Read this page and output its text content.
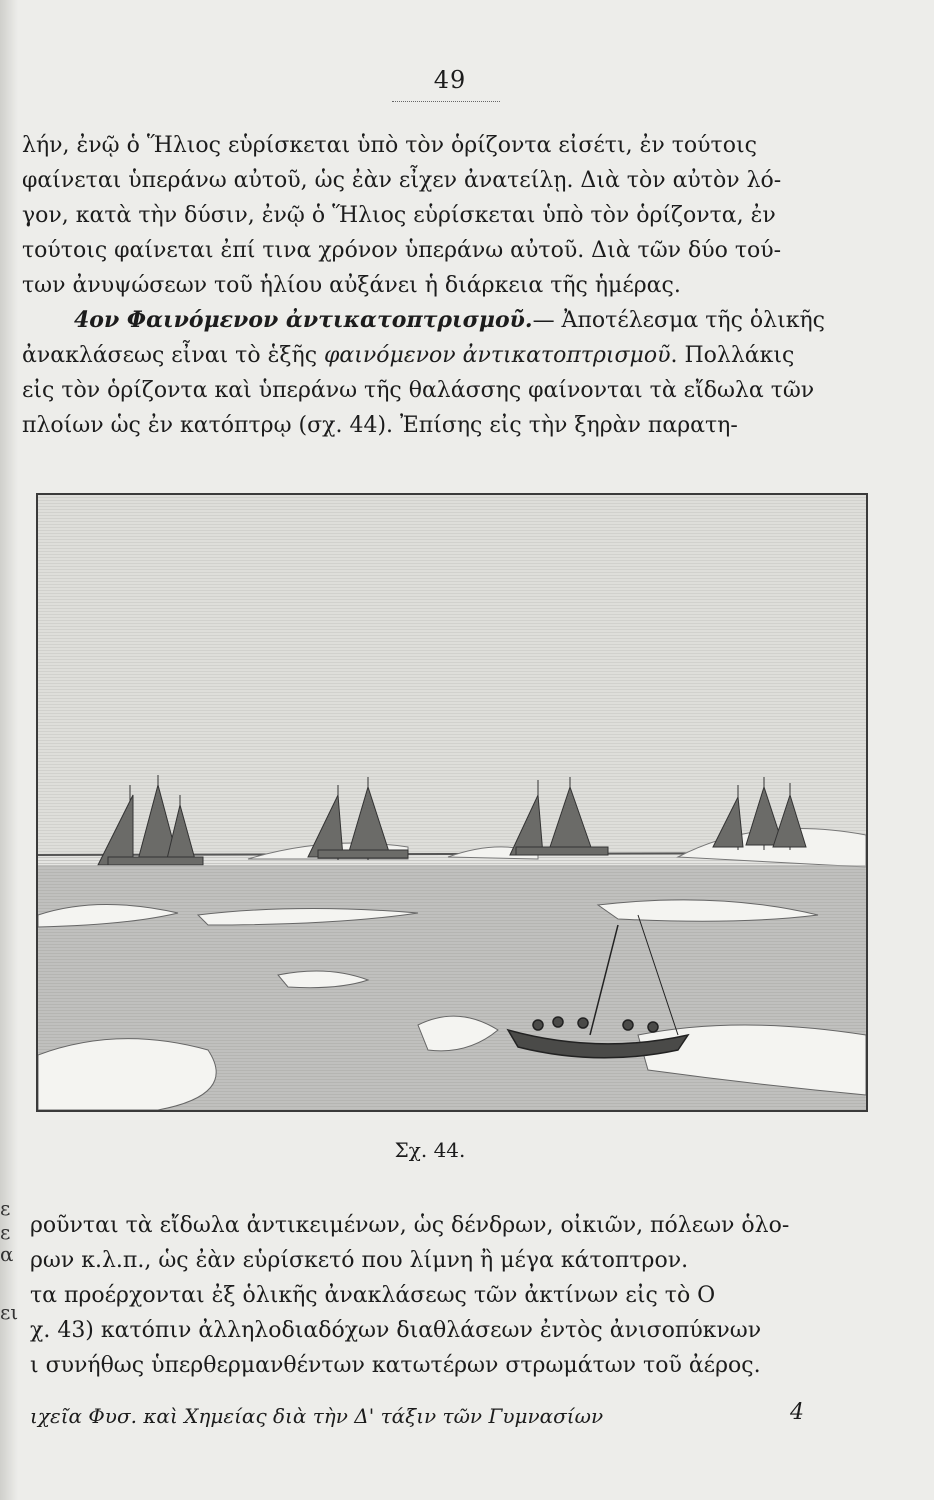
49
λήν, ἐνῷ ὁ Ἥλιος εὑρίσκεται ὑπὸ τὸν ὁρίζοντα εἰσέτι, ἐν τούτοις
φαίνεται ὑπεράνω αὐτοῦ, ὡς ἐὰν εἶχεν ἀνατείλῃ. Διὰ τὸν αὐτὸν λό-
γον, κατὰ τὴν δύσιν, ἐνῷ ὁ Ἥλιος εὑρίσκεται ὑπὸ τὸν ὁρίζοντα, ἐν
τούτοις φαίνεται ἐπί τινα χρόνον ὑπεράνω αὐτοῦ. Διὰ τῶν δύο τού-
των ἀνυψώσεων τοῦ ἡλίου αὐξάνει ἡ διάρκεια τῆς ἡμέρας.
4ον Φαινόμενον ἀντικατοπτρισμοῦ.— Ἀποτέλεσμα τῆς ὁλικῆς
ἀνακλάσεως εἶναι τὸ ἑξῆς φαινόμενον ἀντικατοπτρισμοῦ. Πολλάκις
εἰς τὸν ὁρίζοντα καὶ ὑπεράνω τῆς θαλάσσης φαίνονται τὰ εἴδωλα τῶν
πλοίων ὡς ἐν κατόπτρῳ (σχ. 44). Ἐπίσης εἰς τὴν ξηρὰν παρατη-
Σχ. 44.
ροῦνται τὰ εἴδωλα ἀντικειμένων, ὡς δένδρων, οἰκιῶν, πόλεων ὁλο-
ρων κ.λ.π., ὡς ἐὰν εὑρίσκετό που λίμνη ἢ μέγα κάτοπτρον.
τα προέρχονται ἐξ ὁλικῆς ἀνακλάσεως τῶν ἀκτίνων εἰς τὸ Ο
χ. 43) κατόπιν ἀλληλοδιαδόχων διαθλάσεων ἐντὸς ἀνισοπύκνων
ι συνήθως ὑπερθερμανθέντων κατωτέρων στρωμάτων τοῦ ἀέρος.
ε
ε
α
ει
ιχεῖα Φυσ. καὶ Χημείας διὰ τὴν Δ' τάξιν τῶν Γυμνασίων	4
